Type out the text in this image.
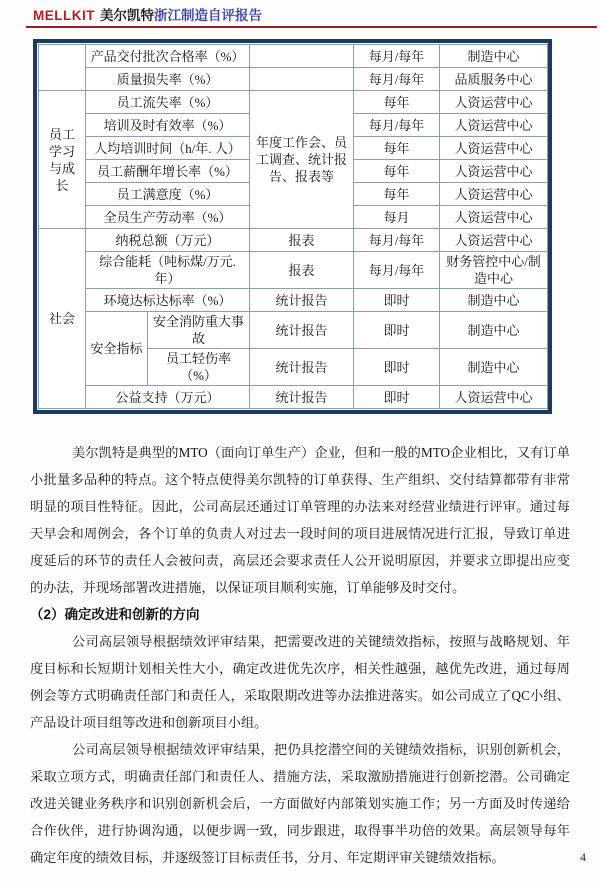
MELLKIT 美尔凯特浙江制造自评报告
	产品交付批次合格率（%）			每月/每年	制造中心
	质量损失率（%）			每月/每年	品质服务中心
员工学习与成长	员工流失率（%）		年度工作会、员工调查、统计报告、报表等	每年	人资运营中心
	培训及时有效率（%）			每月/每年	人资运营中心
	人均培训时间（h/年. 人）			每年	人资运营中心
	员工薪酬年增长率（%）			每年	人资运营中心
	员工满意度（%）			每年	人资运营中心
	全员生产劳动率（%）			每月	人资运营中心
社会	纳税总额（万元）		报表	每月/每年	人资运营中心
	综合能耗（吨标煤/万元. 年）		报表	每月/每年	财务管控中心/制造中心
	环境达标达标率（%）		统计报告	即时	制造中心
	安全指标	安全消防重大事故	统计报告	即时	制造中心
		员工轻伤率（%）	统计报告	即时	制造中心
	公益支持（万元）		统计报告	即时	人资运营中心

美尔凯特是典型的MTO（面向订单生产）企业，但和一般的MTO企业相比，又有订单小批量多品种的特点。这个特点使得美尔凯特的订单获得、生产组织、交付结算都带有非常明显的项目性特征。因此，公司高层还通过订单管理的办法来对经营业绩进行评审。通过每天早会和周例会，各个订单的负责人对过去一段时间的项目进展情况进行汇报，导致订单进度延后的环节的责任人会被问责，高层还会要求责任人公开说明原因，并要求立即提出应变的办法，并现场部署改进措施，以保证项目顺利实施，订单能够及时交付。

（2）确定改进和创新的方向

公司高层领导根据绩效评审结果，把需要改进的关键绩效指标，按照与战略规划、年度目标和长短期计划相关性大小，确定改进优先次序，相关性越强，越优先改进，通过每周例会等方式明确责任部门和责任人，采取限期改进等办法推进落实。如公司成立了QC小组、产品设计项目组等改进和创新项目小组。

公司高层领导根据绩效评审结果，把仍具挖潜空间的关键绩效指标，识别创新机会，采取立项方式，明确责任部门和责任人、措施方法，采取激励措施进行创新挖潜。公司确定改进关键业务秩序和识别创新机会后，一方面做好内部策划实施工作；另一方面及时传递给合作伙伴，进行协调沟通，以便步调一致，同步跟进，取得事半功倍的效果。高层领导每年确定年度的绩效目标，并逐级签订目标责任书，分月、年定期评审关键绩效指标。	4
